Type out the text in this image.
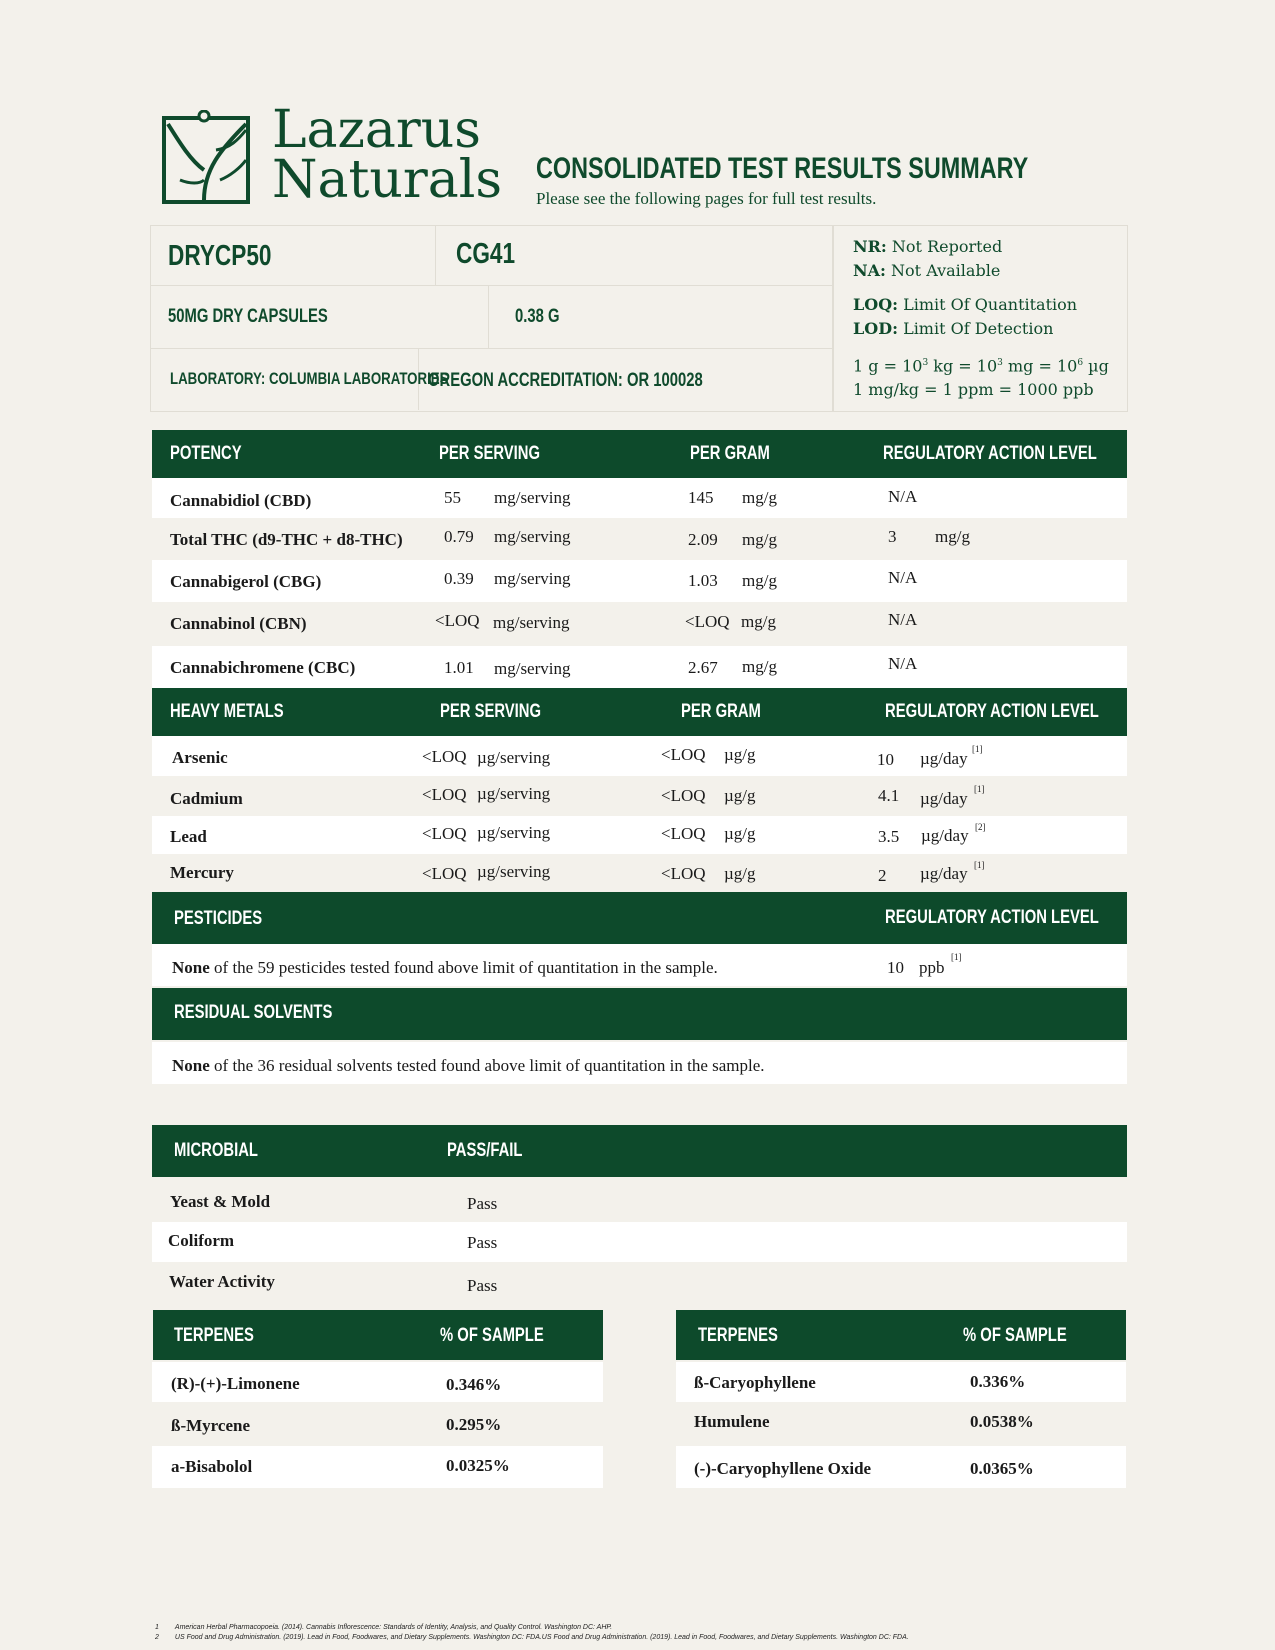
Lazarus
Naturals CONSOLIDATED TEST RESULTS SUMMARY
Please see the following pages for full test results.
DRYCP50	CG41
50MG DRY CAPSULES	0.38 G
LABORATORY: COLUMBIA LABORATORIES
OREGON ACCREDITATION: OR 100028
NR: Not Reported
NA: Not Available
LOQ: Limit Of Quantitation
LOD: Limit Of Detection
1 $g = 10^3$ kg = $10^3$ mg = $10^6$ µg
1 mg/kg = 1 ppm = 1000 ppb
POTENCY	PER SERVING	PER GRAM	REGULATORY ACTION LEVEL
Cannabidiol (CBD)	55 mg/serving	145 mg/g	N/A
Total THC (d9-THC + d8-THC) 0.79 mg/serving	2.09 mg/g	3 mg/g
Cannabigerol (CBG)	0.39 mg/serving	1.03 mg/g	N/A
Cannabinol (CBN)	<LOQ mg/serving	<LOQ mg/g	N/A
Cannabichromene (CBC)	1.01 mg/serving	2.67 mg/g	N/A
HEAVY METALS	PER SERVING	PER GRAM	REGULATORY ACTION LEVEL
Arsenic	<LOQ µg/serving	<LOQ µg/g	10 µg/day [1]
Cadmium	<LOQ µg/serving	<LOQ µg/g	4.1 µg/day [1]
Lead	<LOQ µg/serving	<LOQ µg/g	3.5 µg/day [2]
Mercury	<LOQ µg/serving	<LOQ µg/g	2 µg/day [1]
PESTICIDES	REGULATORY ACTION LEVEL
None of the 59 pesticides tested found above limit of quantitation in the sample.	10 ppb
[1]
RESIDUAL SOLVENTS
None of the 36 residual solvents tested found above limit of quantitation in the sample.
MICROBIAL	PASS/FAIL
Yeast & Mold	Pass
Coliform	Pass
Water Activity	Pass
TERPENES	% OF SAMPLE
(R)-(+)-Limonene	0.346%
ß-Myrcene	0.295%
a-Bisabolol	0.0325%
TERPENES	% OF SAMPLE
ß-Caryophyllene	0.336%
Humulene	0.0538%
(-)-Caryophyllene Oxide	0.0365%
1 American Herbal Pharmacopoeia. (2014). Cannabis Inflorescence: Standards of Identity, Analysis, and Quality Control. Washington DC: AHP.
2 US Food and Drug Administration. (2019). Lead in Food, Foodwares, and Dietary Supplements. Washington DC: FDA.US Food and Drug Administration. (2019). Lead in Food, Foodwares, and Dietary Supplements. Washington DC: FDA.
